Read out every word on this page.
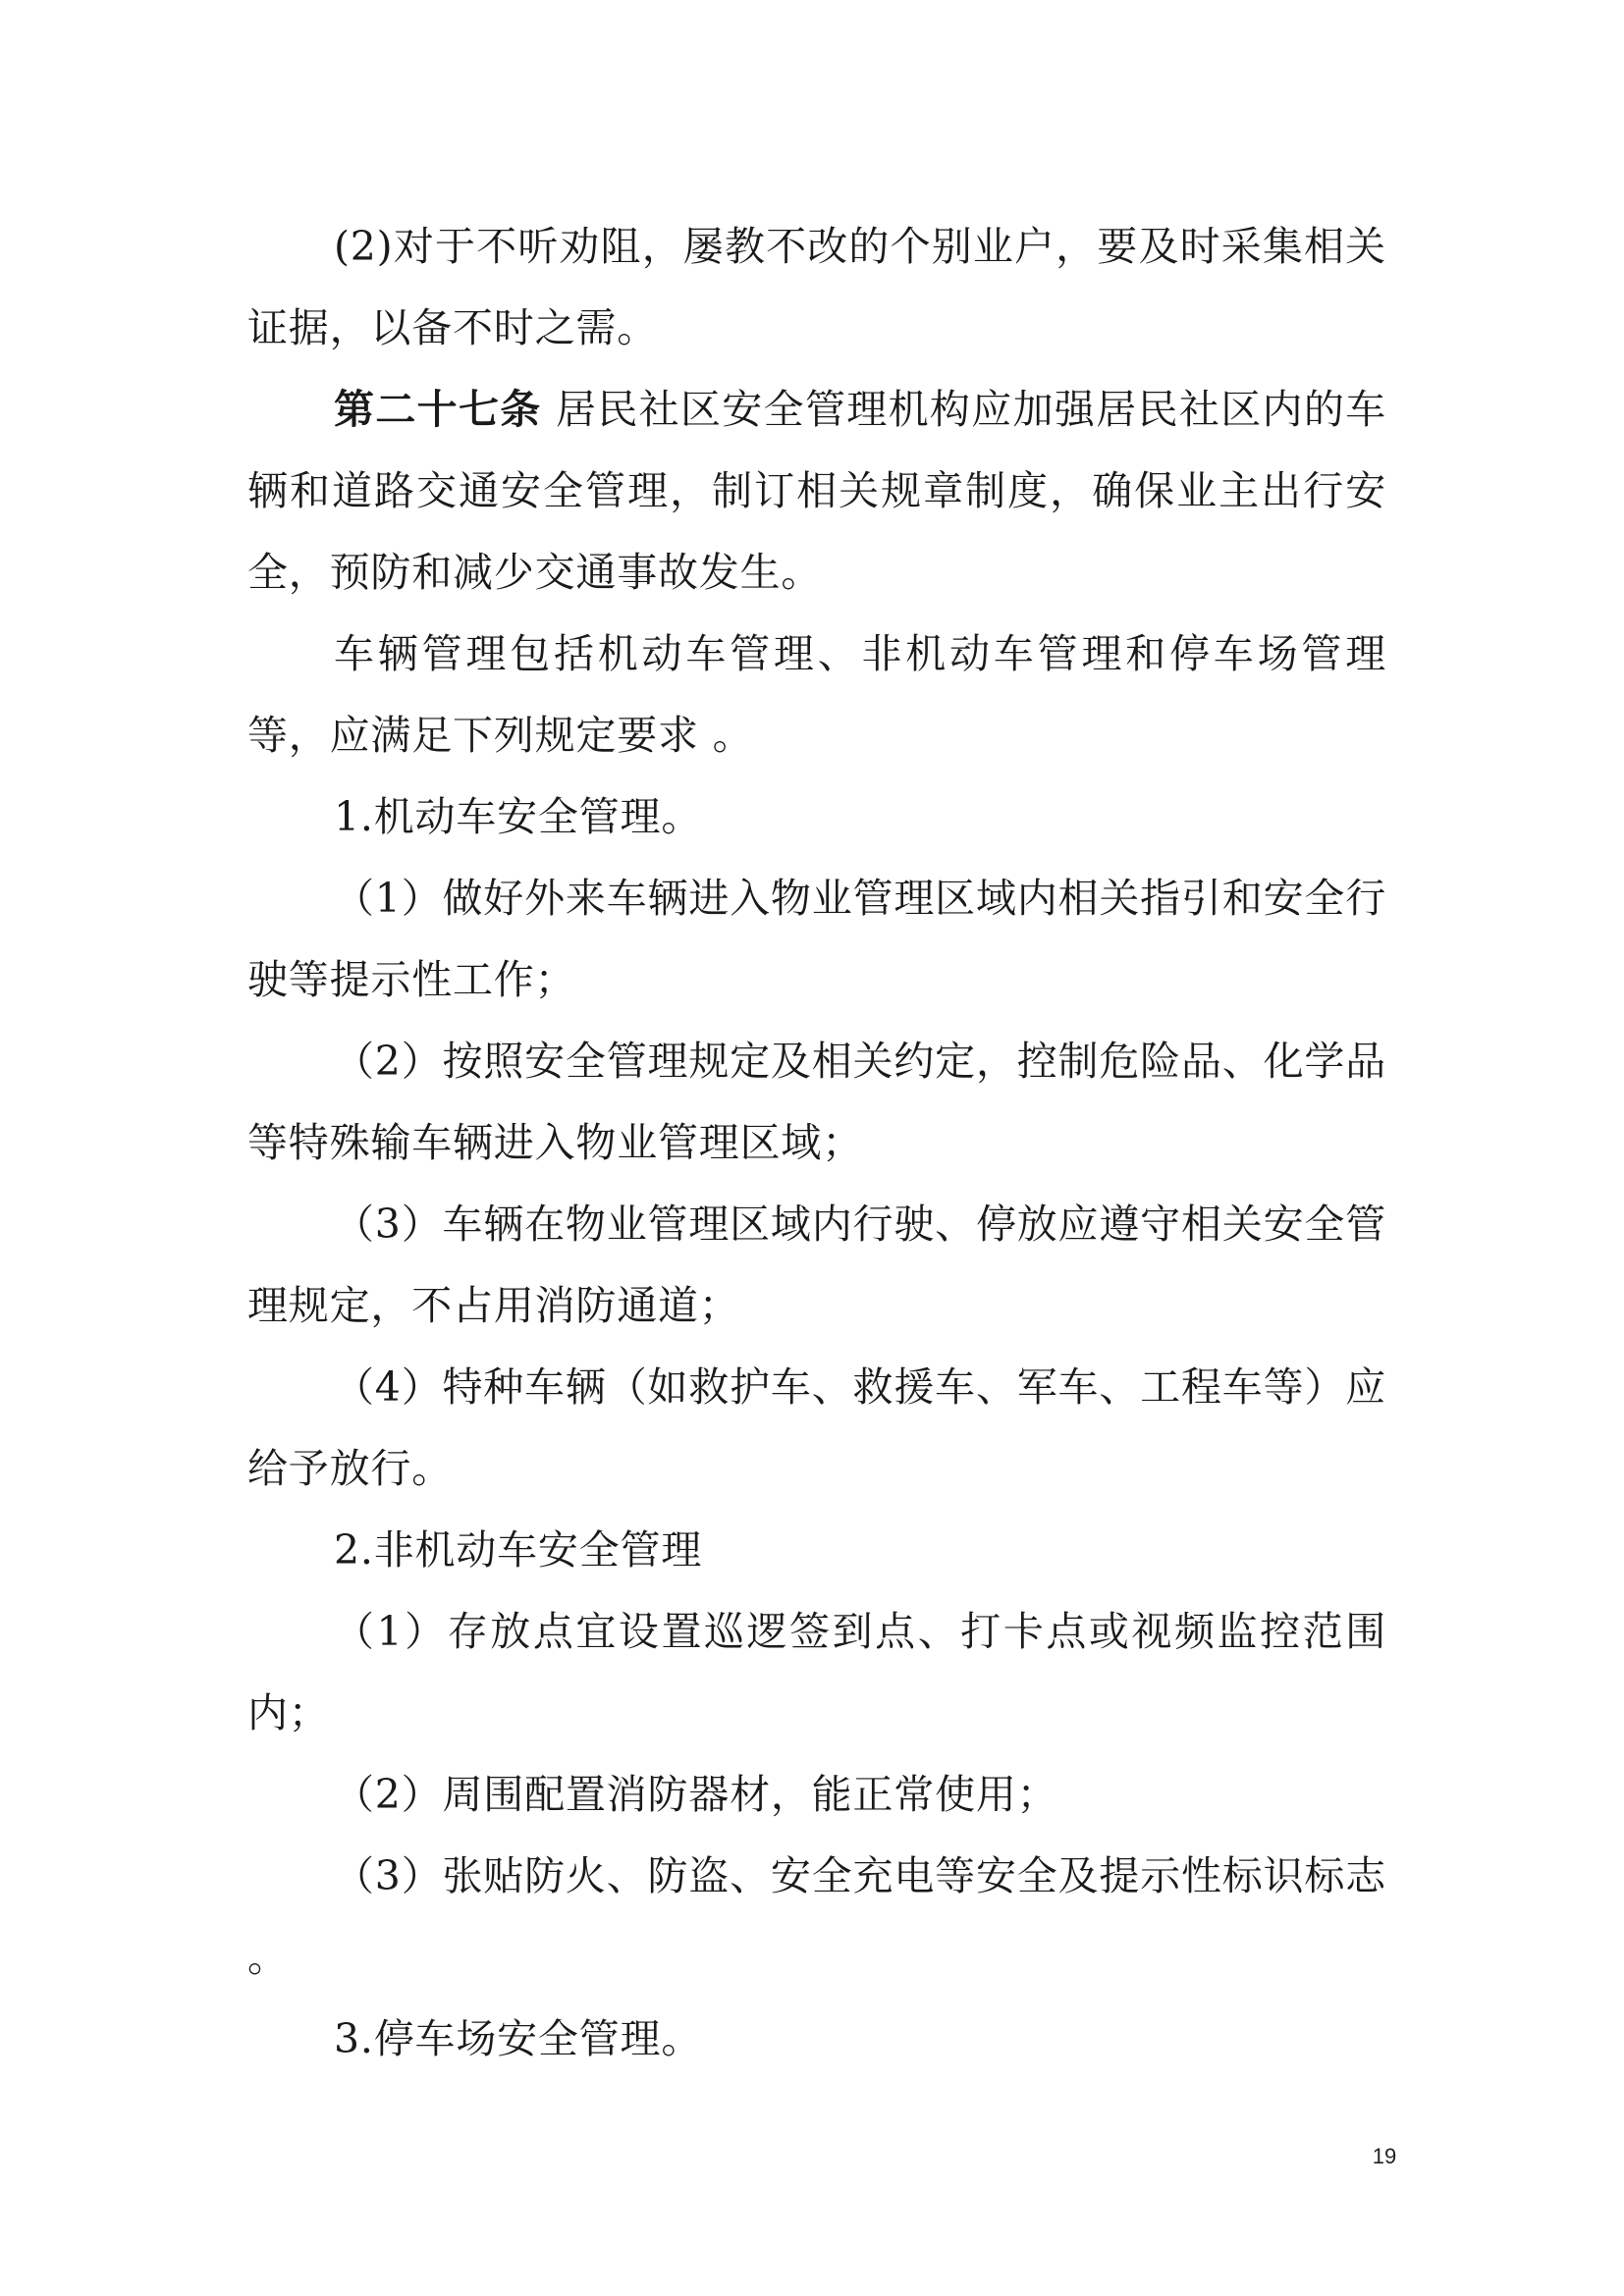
(2)对于不听劝阻，屡教不改的个别业户，要及时采集相关证据，以备不时之需。

第二十七条 居民社区安全管理机构应加强居民社区内的车辆和道路交通安全管理，制订相关规章制度，确保业主出行安全，预防和减少交通事故发生。

车辆管理包括机动车管理、非机动车管理和停车场管理等，应满足下列规定要求 。

1.机动车安全管理。

（1）做好外来车辆进入物业管理区域内相关指引和安全行驶等提示性工作；

（2）按照安全管理规定及相关约定，控制危险品、化学品等特殊输车辆进入物业管理区域；

（3）车辆在物业管理区域内行驶、停放应遵守相关安全管理规定，不占用消防通道；

（4）特种车辆（如救护车、救援车、军车、工程车等）应给予放行。

2.非机动车安全管理

（1）存放点宜设置巡逻签到点、打卡点或视频监控范围内；

（2）周围配置消防器材，能正常使用；

（3）张贴防火、防盗、安全充电等安全及提示性标识标志 。

3.停车场安全管理。

19
